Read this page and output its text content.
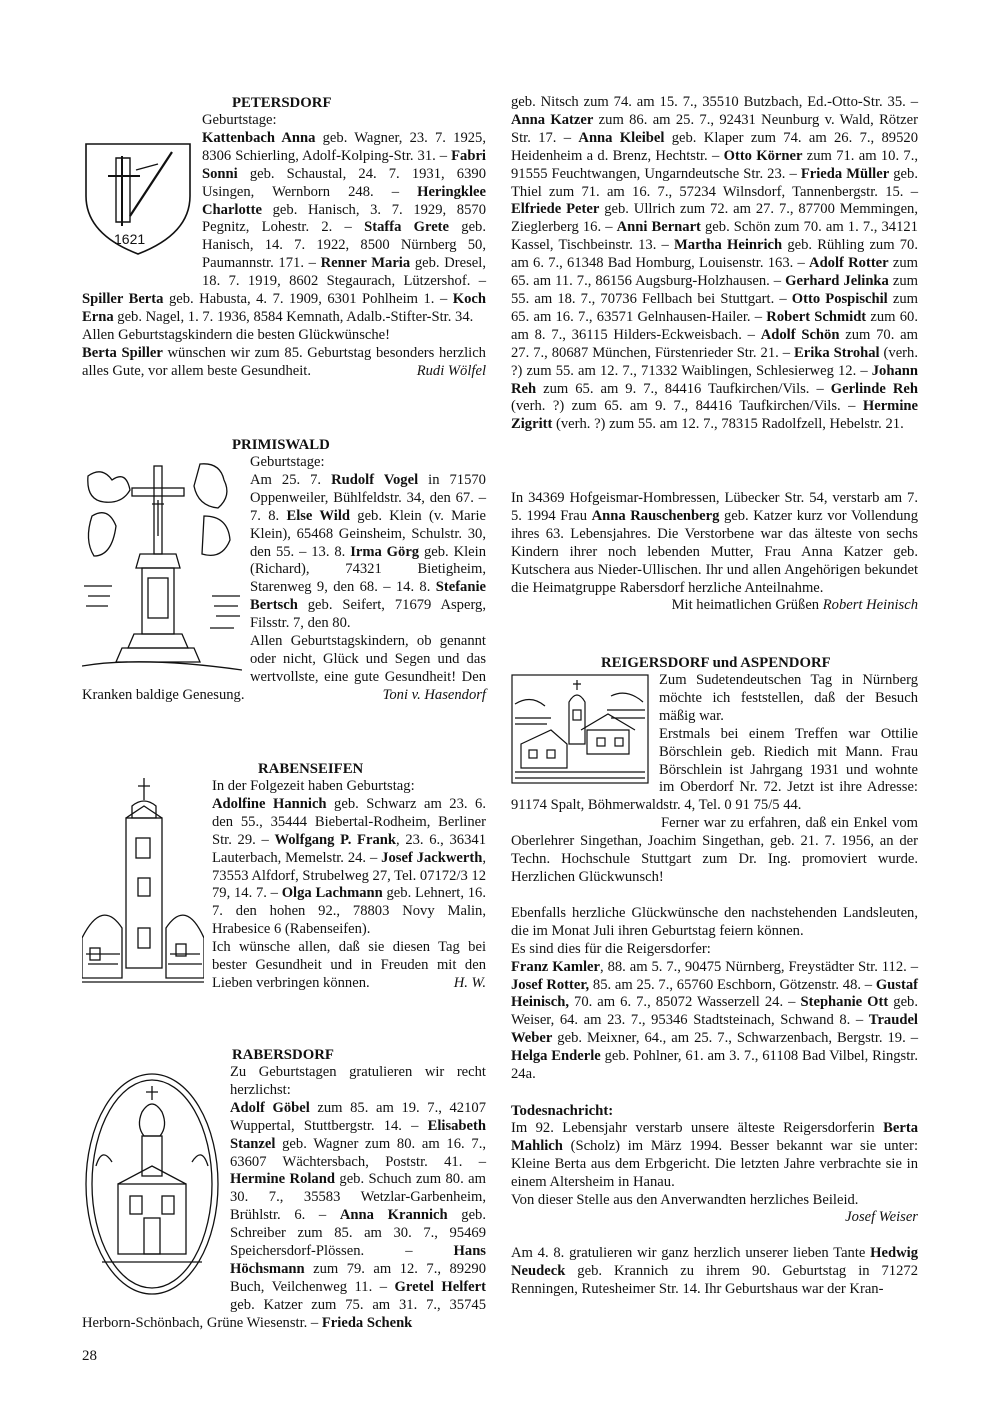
PETERSDORF
1621
Geburtstage:

Kattenbach Anna geb. Wagner, 23. 7. 1925, 8306 Schierling, Adolf-Kolping-Str. 31. – Fabri Sonni geb. Schaustal, 24. 7. 1931, 6390 Usingen, Wernborn 248. – Heringklee Charlotte geb. Hanisch, 3. 7. 1929, 8570 Pegnitz, Lohestr. 2. – Staffa Grete geb. Hanisch, 14. 7. 1922, 8500 Nürnberg 50, Paumannstr. 171. – Renner Maria geb. Dresel, 18. 7. 1919, 8602 Stegaurach, Lützershof. – Spiller Berta geb. Habusta, 4. 7. 1909, 6301 Pohlheim 1. – Koch Erna geb. Nagel, 1. 7. 1936, 8584 Kemnath, Adalb.-Stifter-Str. 34.

Allen Geburtstagskindern die besten Glückwünsche!

Berta Spiller wünschen wir zum 85. Geburtstag besonders herzlich alles Gute, vor allem beste Gesundheit.	Rudi Wölfel

PRIMISWALD
Geburtstage:

Am 25. 7. Rudolf Vogel in 71570 Oppenweiler, Bühlfeldstr. 34, den 67. – 7. 8. Else Wild geb. Klein (v. Marie Klein), 65468 Geinsheim, Schulstr. 30, den 55. – 13. 8. Irma Görg geb. Klein (Richard), 74321 Bietigheim, Starenweg 9, den 68. – 14. 8. Stefanie Bertsch geb. Seifert, 71679 Asperg, Filsstr. 7, den 80.

Allen Geburtstagskindern, ob genannt oder nicht, Glück und Segen und das wertvollste, eine gute Gesundheit! Den Kranken baldige Genesung.	Toni v. Hasendorf

RABENSEIFEN
In der Folgezeit haben Geburtstag:

Adolfine Hannich geb. Schwarz am 23. 6. den 55., 35444 Biebertal-Rodheim, Berliner Str. 29. – Wolfgang P. Frank, 23. 6., 36341 Lauterbach, Memelstr. 24. – Josef Jackwerth, 73553 Alfdorf, Strubelweg 27, Tel. 07172/3 12 79, 14. 7. – Olga Lachmann geb. Lehnert, 16. 7. den hohen 92., 78803 Novy Malin, Hrabesice 6 (Rabenseifen).

Ich wünsche allen, daß sie diesen Tag bei bester Gesundheit und in Freuden mit den Lieben verbringen können.	H. W.

RABERSDORF

Zu Geburtstagen gratulieren wir recht herzlichst:

Adolf Göbel zum 85. am 19. 7., 42107 Wuppertal, Stuttbergstr. 14. – Elisabeth Stanzel geb. Wagner zum 80. am 16. 7., 63607 Wächtersbach, Poststr. 41. – Hermine Roland geb. Schuch zum 80. am 30. 7., 35583 Wetzlar-Garbenheim, Brühlstr. 6. – Anna Krannich geb. Schreiber zum 85. am 30. 7., 95469 Speichersdorf-Plössen. – Hans Höchsmann zum 79. am 12. 7., 89290 Buch, Veilchenweg 11. – Gretel Helfert geb. Katzer zum 75. am 31. 7., 35745 Herborn-Schönbach, Grüne Wiesenstr. – Frieda Schenk

geb. Nitsch zum 74. am 15. 7., 35510 Butzbach, Ed.-Otto-Str. 35. – Anna Katzer zum 86. am 25. 7., 92431 Neunburg v. Wald, Rötzer Str. 17. – Anna Kleibel geb. Klaper zum 74. am 26. 7., 89520 Heidenheim a d. Brenz, Hechtstr. – Otto Körner zum 71. am 10. 7., 91555 Feuchtwangen, Ungarndeutsche Str. 23. – Frieda Müller geb. Thiel zum 71. am 16. 7., 57234 Wilnsdorf, Tannenbergstr. 15. – Elfriede Peter geb. Ullrich zum 72. am 27. 7., 87700 Memmingen, Zieglerberg 16. – Anni Bernart geb. Schön zum 70. am 1. 7., 34121 Kassel, Tischbeinstr. 13. – Martha Heinrich geb. Rühling zum 70. am 6. 7., 61348 Bad Homburg, Louisenstr. 163. – Adolf Rotter zum 65. am 11. 7., 86156 Augsburg-Holzhausen. – Gerhard Jelinka zum 55. am 18. 7., 70736 Fellbach bei Stuttgart. – Otto Pospischil zum 65. am 16. 7., 63571 Gelnhausen-Hailer. – Robert Schmidt zum 60. am 8. 7., 36115 Hilders-Eckweisbach. – Adolf Schön zum 70. am 27. 7., 80687 München, Fürstenrieder Str. 21. – Erika Strohal (verh. ?) zum 55. am 12. 7., 71332 Waiblingen, Schlesierweg 12. – Johann Reh zum 65. am 9. 7., 84416 Taufkirchen/Vils. – Gerlinde Reh (verh. ?) zum 65. am 9. 7., 84416 Taufkirchen/Vils. – Hermine Zigritt (verh. ?) zum 55. am 12. 7., 78315 Radolfzell, Hebelstr. 21.

In 34369 Hofgeismar-Hombressen, Lübecker Str. 54, verstarb am 7. 5. 1994 Frau Anna Rauschenberg geb. Katzer kurz vor Vollendung ihres 63. Lebensjahres. Die Verstorbene war das älteste von sechs Kindern ihrer noch lebenden Mutter, Frau Anna Katzer geb. Kutschera aus Nieder-Ullischen. Ihr und allen Angehörigen bekundet die Heimatgruppe Rabersdorf herzliche Anteilnahme.

Mit heimatlichen Grüßen Robert Heinisch

REIGERSDORF und ASPENDORF

Zum Sudetendeutschen Tag in Nürnberg möchte ich feststellen, daß der Besuch mäßig war.

Erstmals bei einem Treffen war Ottilie Börschlein geb. Riedich mit Mann. Frau Börschlein ist Jahrgang 1931 und wohnte im Oberdorf Nr. 72. Jetzt ist ihre Adresse: 91174 Spalt, Böhmerwaldstr. 4, Tel. 0 91 75/5 44.

Ferner war zu erfahren, daß ein Enkel vom Oberlehrer Singethan, Joachim Singethan, geb. 21. 7. 1956, an der Techn. Hochschule Stuttgart zum Dr. Ing. promoviert wurde. Herzlichen Glückwunsch!

Ebenfalls herzliche Glückwünsche den nachstehenden Landsleuten, die im Monat Juli ihren Geburtstag feiern können.

Es sind dies für die Reigersdorfer:

Franz Kamler, 88. am 5. 7., 90475 Nürnberg, Freystädter Str. 112. – Josef Rotter, 85. am 25. 7., 65760 Eschborn, Götzenstr. 48. – Gustaf Heinisch, 70. am 6. 7., 85072 Wasserzell 24. – Stephanie Ott geb. Weiser, 64. am 23. 7., 95346 Stadtsteinach, Schwand 8. – Traudel Weber geb. Meixner, 64., am 25. 7., Schwarzenbach, Bergstr. 19. – Helga Enderle geb. Pohlner, 61. am 3. 7., 61108 Bad Vilbel, Ringstr. 24a.

Todesnachricht:

Im 92. Lebensjahr verstarb unsere älteste Reigersdorferin Berta Mahlich (Scholz) im März 1994. Besser bekannt war sie unter: Kleine Berta aus dem Erbgericht. Die letzten Jahre verbrachte sie in einem Altersheim in Hanau.

Von dieser Stelle aus den Anverwandten herzliches Beileid.

Josef Weiser

Am 4. 8. gratulieren wir ganz herzlich unserer lieben Tante Hedwig Neudeck geb. Krannich zu ihrem 90. Geburtstag in 71272 Renningen, Rutesheimer Str. 14. Ihr Geburtshaus war der Kran-

28
